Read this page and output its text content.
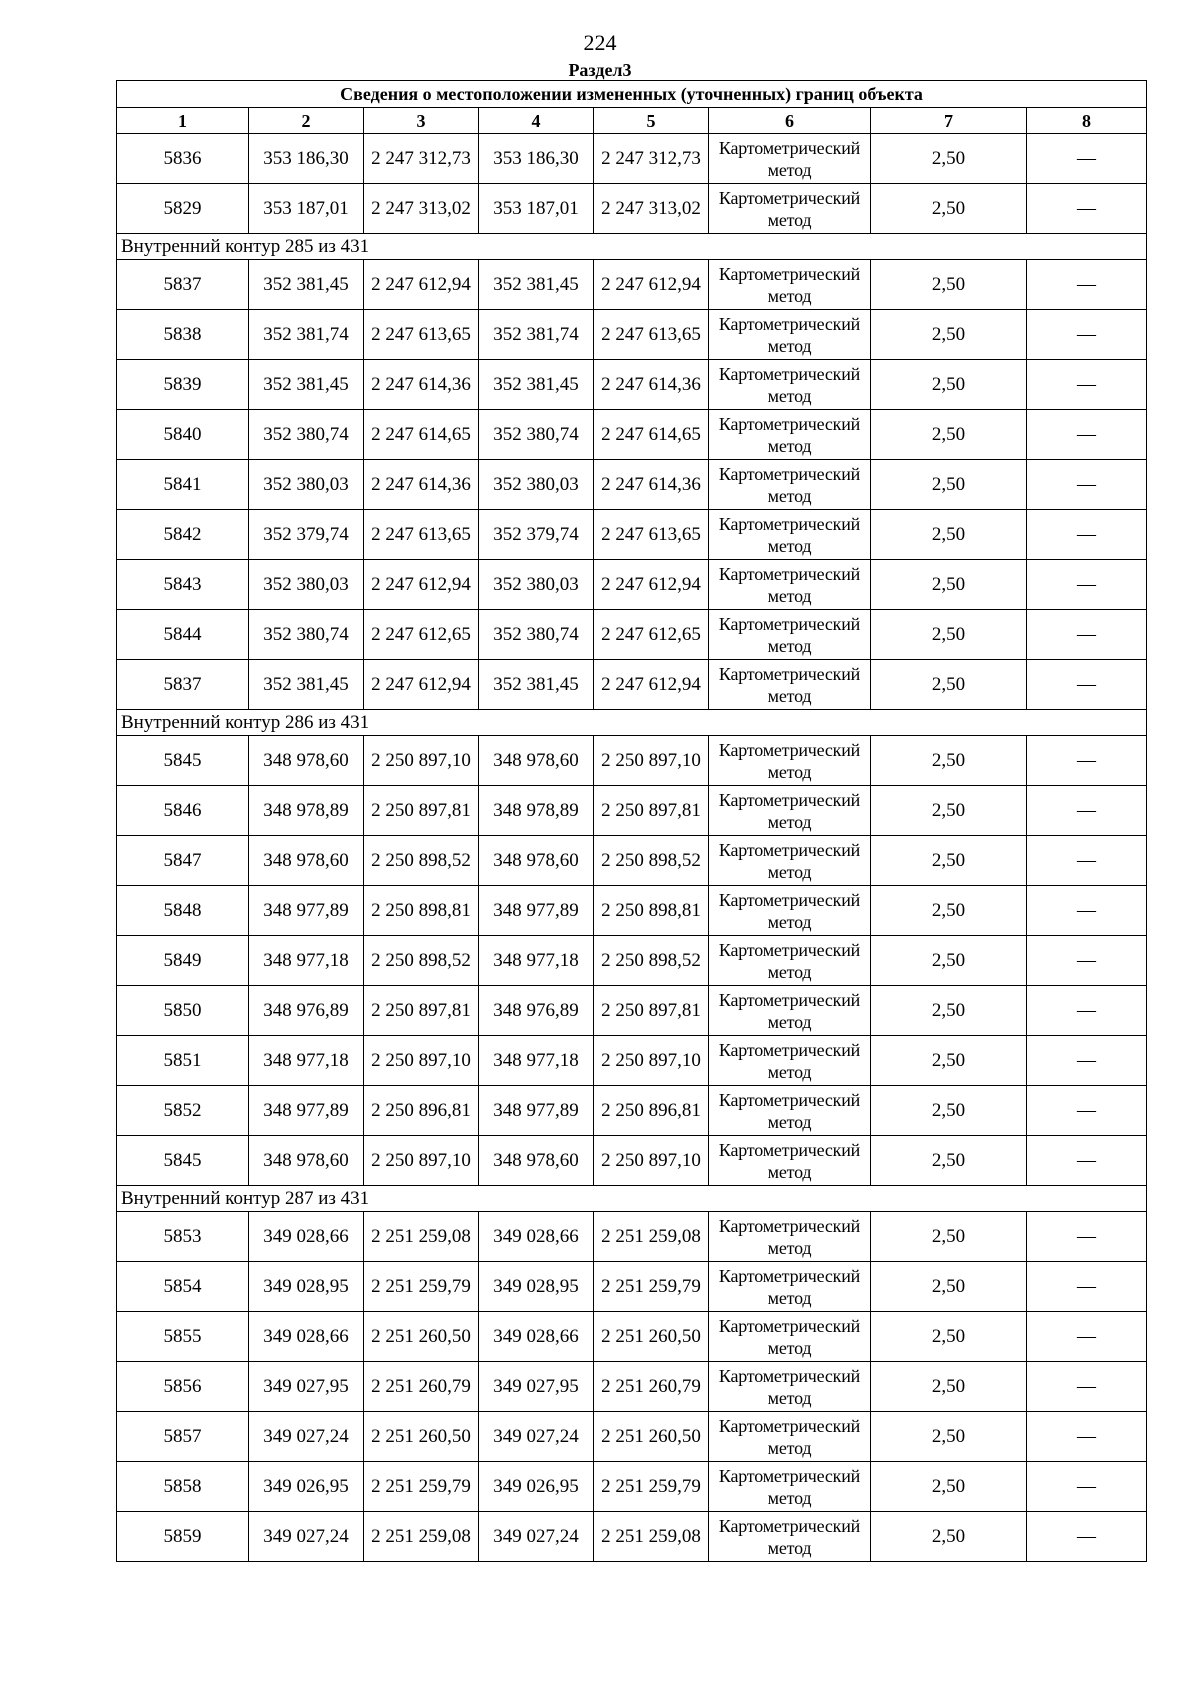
224
Раздел3
Сведения о местоположении измененных (уточненных) границ объекта							
1	2	3	4	5	6	7	8
5836	353 186,30	2 247 312,73	353 186,30	2 247 312,73	Картометрический метод	2,50	—
5829	353 187,01	2 247 313,02	353 187,01	2 247 313,02	Картометрический метод	2,50	—
Внутренний контур 285 из 431							
5837	352 381,45	2 247 612,94	352 381,45	2 247 612,94	Картометрический метод	2,50	—
5838	352 381,74	2 247 613,65	352 381,74	2 247 613,65	Картометрический метод	2,50	—
5839	352 381,45	2 247 614,36	352 381,45	2 247 614,36	Картометрический метод	2,50	—
5840	352 380,74	2 247 614,65	352 380,74	2 247 614,65	Картометрический метод	2,50	—
5841	352 380,03	2 247 614,36	352 380,03	2 247 614,36	Картометрический метод	2,50	—
5842	352 379,74	2 247 613,65	352 379,74	2 247 613,65	Картометрический метод	2,50	—
5843	352 380,03	2 247 612,94	352 380,03	2 247 612,94	Картометрический метод	2,50	—
5844	352 380,74	2 247 612,65	352 380,74	2 247 612,65	Картометрический метод	2,50	—
5837	352 381,45	2 247 612,94	352 381,45	2 247 612,94	Картометрический метод	2,50	—
Внутренний контур 286 из 431							
5845	348 978,60	2 250 897,10	348 978,60	2 250 897,10	Картометрический метод	2,50	—
5846	348 978,89	2 250 897,81	348 978,89	2 250 897,81	Картометрический метод	2,50	—
5847	348 978,60	2 250 898,52	348 978,60	2 250 898,52	Картометрический метод	2,50	—
5848	348 977,89	2 250 898,81	348 977,89	2 250 898,81	Картометрический метод	2,50	—
5849	348 977,18	2 250 898,52	348 977,18	2 250 898,52	Картометрический метод	2,50	—
5850	348 976,89	2 250 897,81	348 976,89	2 250 897,81	Картометрический метод	2,50	—
5851	348 977,18	2 250 897,10	348 977,18	2 250 897,10	Картометрический метод	2,50	—
5852	348 977,89	2 250 896,81	348 977,89	2 250 896,81	Картометрический метод	2,50	—
5845	348 978,60	2 250 897,10	348 978,60	2 250 897,10	Картометрический метод	2,50	—
Внутренний контур 287 из 431							
5853	349 028,66	2 251 259,08	349 028,66	2 251 259,08	Картометрический метод	2,50	—
5854	349 028,95	2 251 259,79	349 028,95	2 251 259,79	Картометрический метод	2,50	—
5855	349 028,66	2 251 260,50	349 028,66	2 251 260,50	Картометрический метод	2,50	—
5856	349 027,95	2 251 260,79	349 027,95	2 251 260,79	Картометрический метод	2,50	—
5857	349 027,24	2 251 260,50	349 027,24	2 251 260,50	Картометрический метод	2,50	—
5858	349 026,95	2 251 259,79	349 026,95	2 251 259,79	Картометрический метод	2,50	—
5859	349 027,24	2 251 259,08	349 027,24	2 251 259,08	Картометрический метод	2,50	—
